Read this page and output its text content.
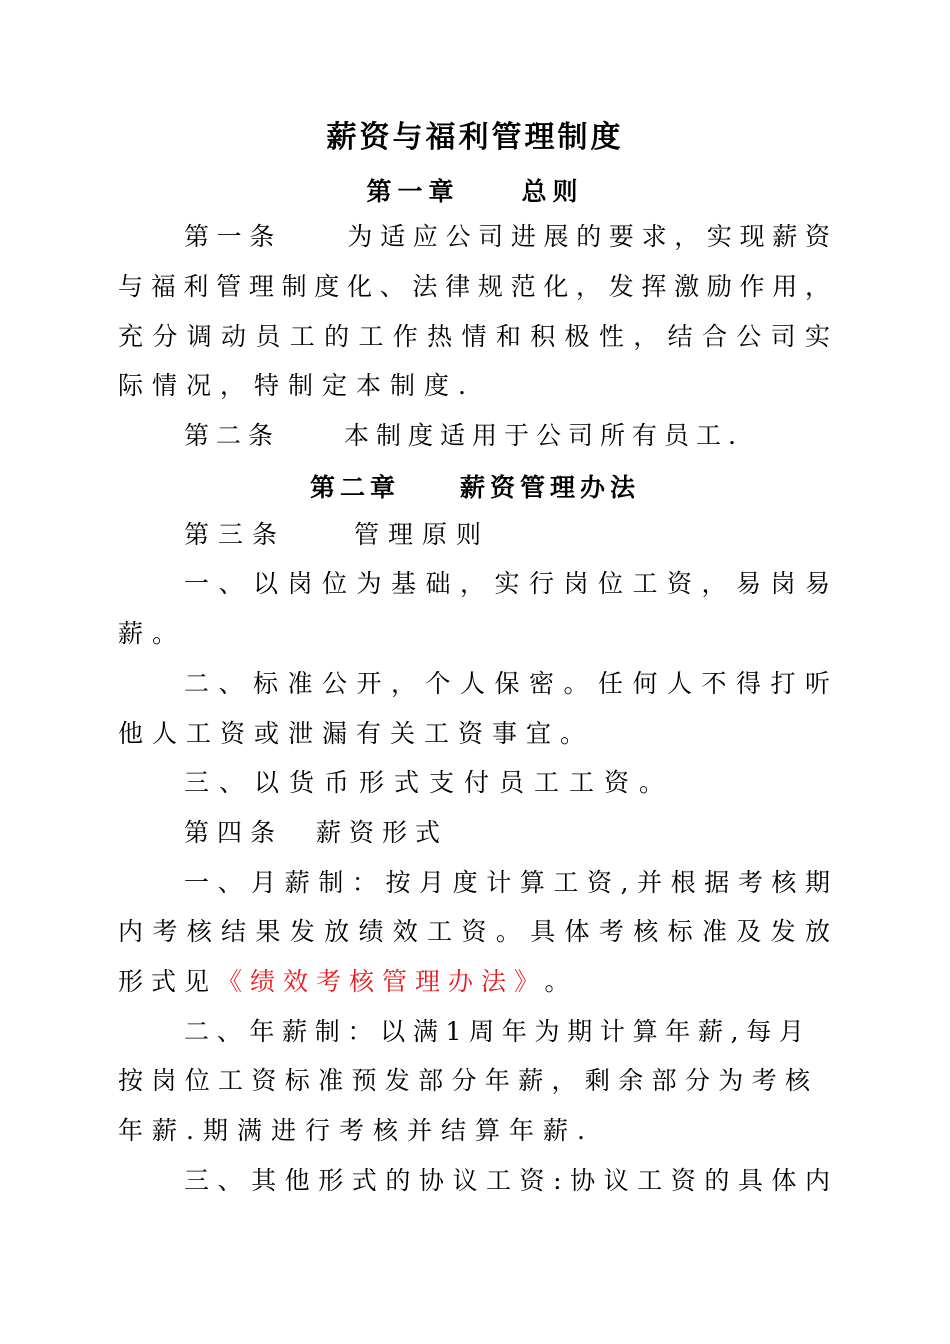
薪资与福利管理制度
第一章　　总则
第一条　　为适应公司进展的要求，实现薪资
与福利管理制度化、法律规范化，发挥激励作用，
充分调动员工的工作热情和积极性，结合公司实
际情况，特制定本制度.
第二条　　本制度适用于公司所有员工.
第二章　　薪资管理办法
第三条　　管理原则
一、以岗位为基础，实行岗位工资，易岗易
薪。
二、标准公开，个人保密。任何人不得打听
他人工资或泄漏有关工资事宜。
三、以货币形式支付员工工资。
第四条　薪资形式
一、月薪制：按月度计算工资,并根据考核期
内考核结果发放绩效工资。具体考核标准及发放
形式见《绩效考核管理办法》 。
二、年薪制：以满1周年为期计算年薪,每月
按岗位工资标准预发部分年薪，剩余部分为考核
年薪.期满进行考核并结算年薪.
三、其他形式的协议工资:协议工资的具体内
